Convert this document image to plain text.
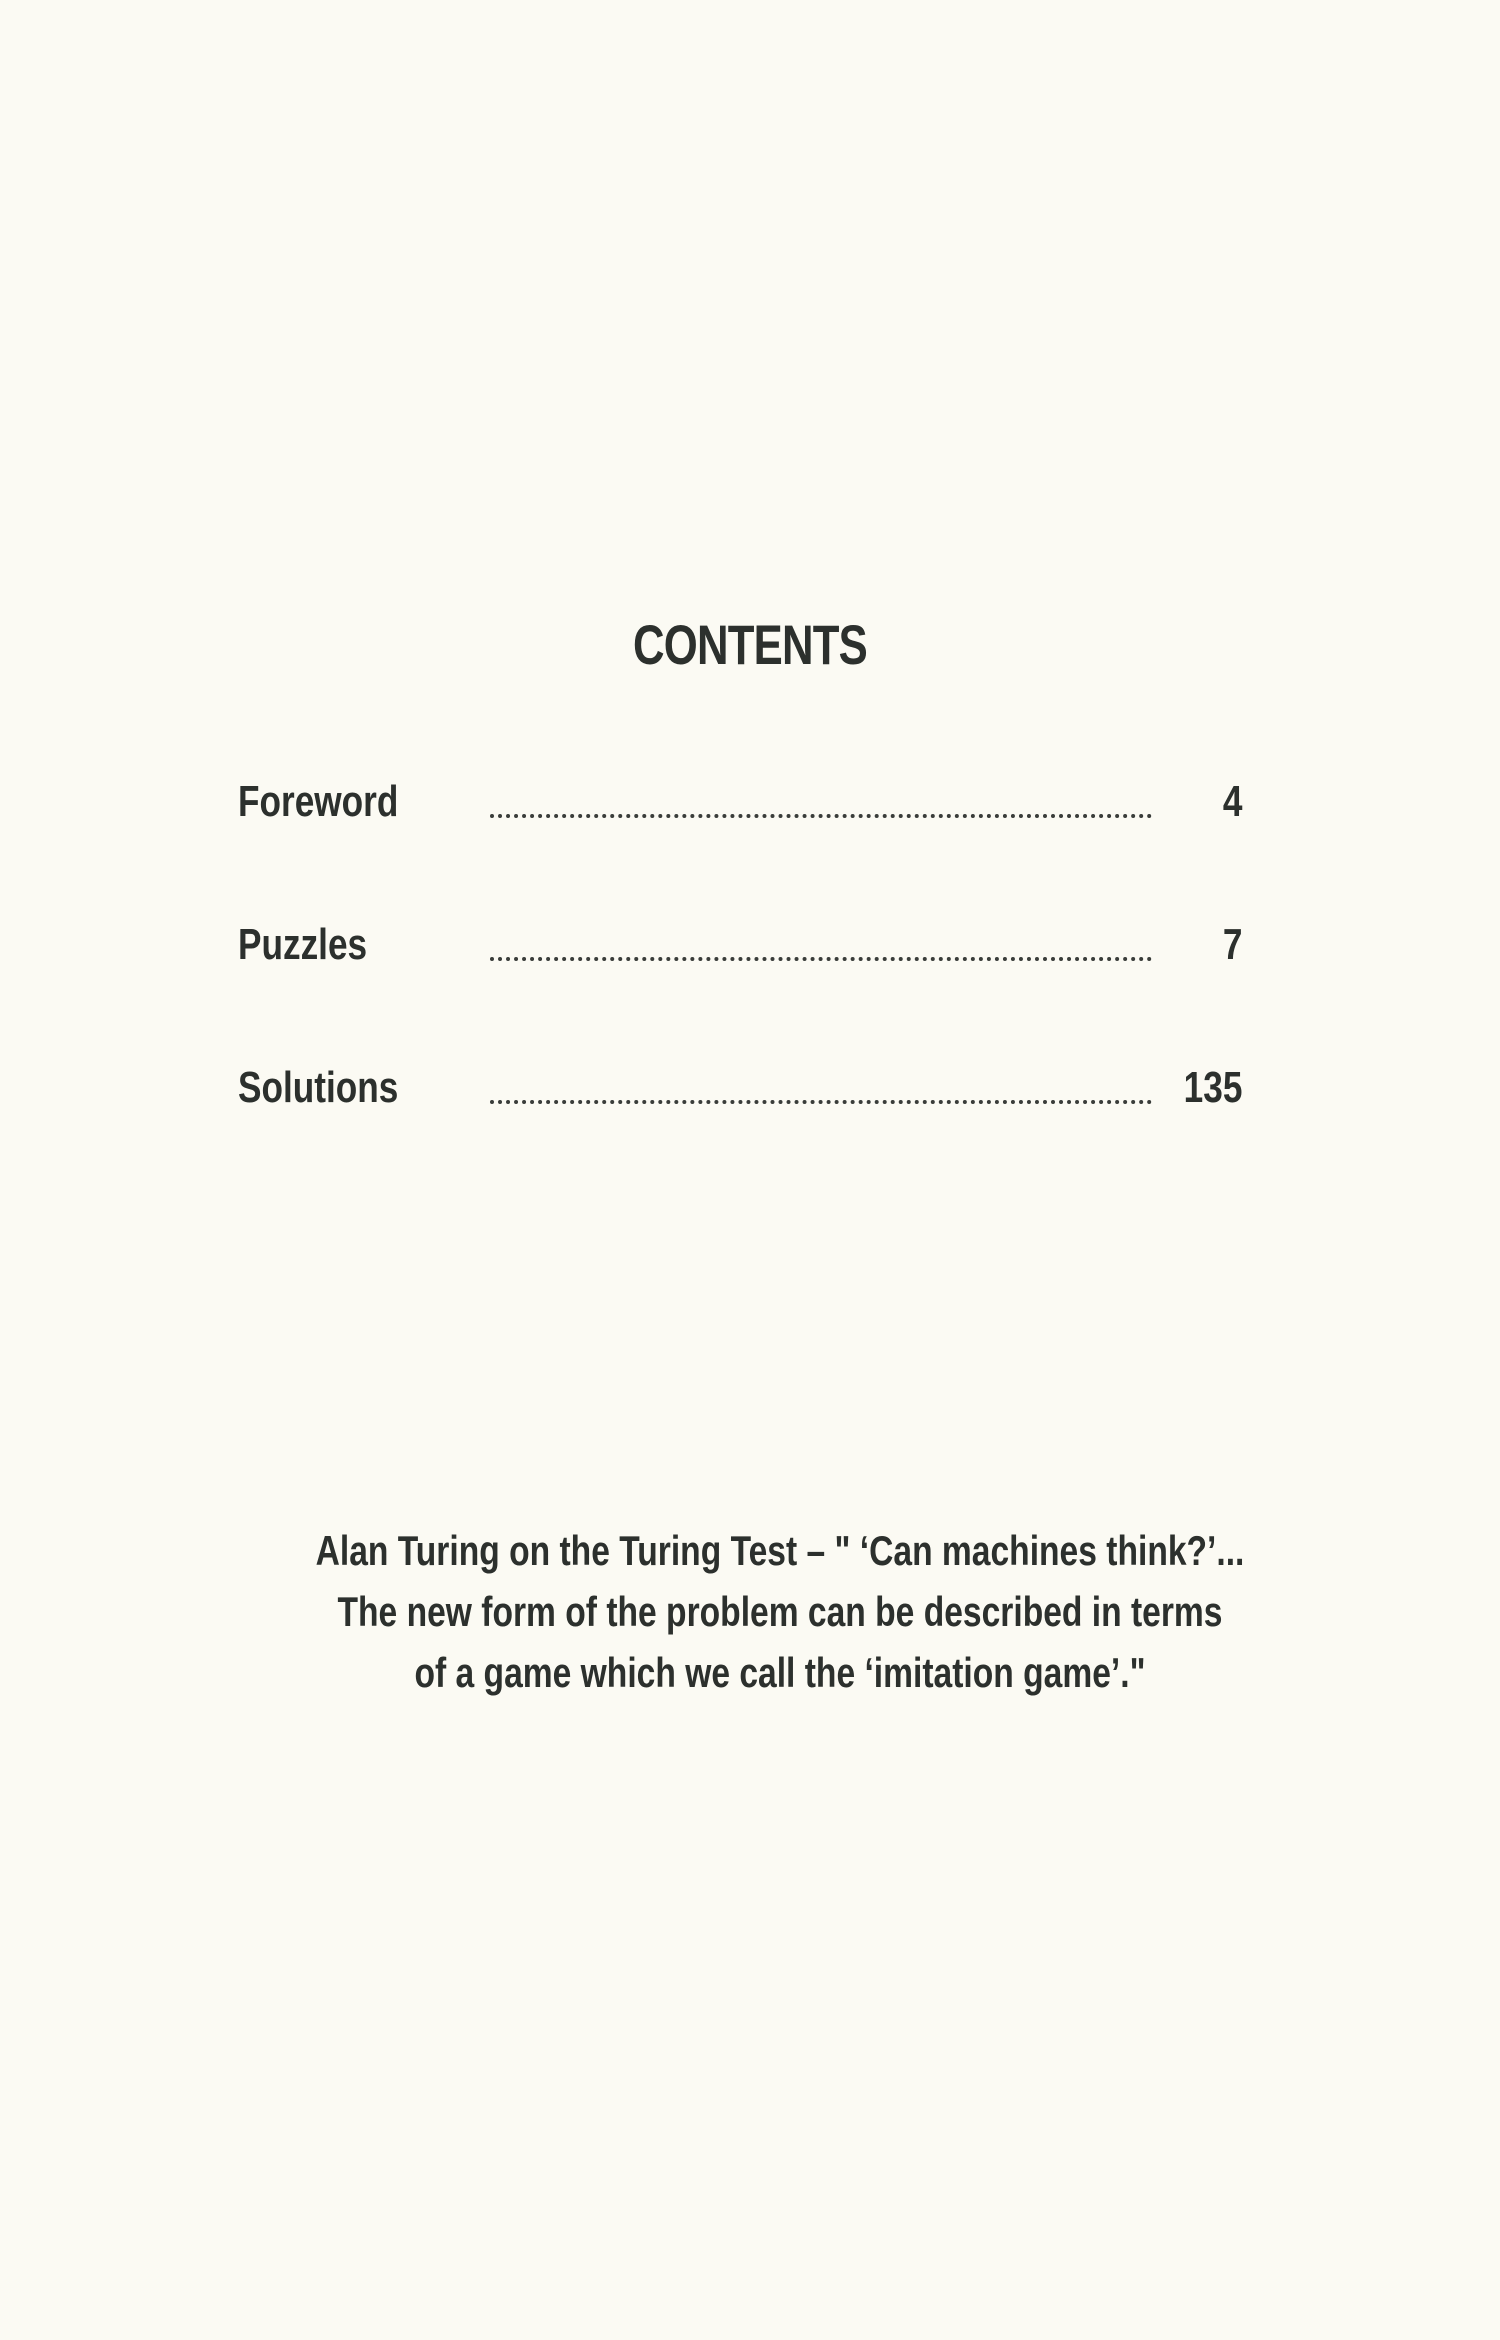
CONTENTS
Foreword	4
Puzzles	7
Solutions	135
Alan Turing on the Turing Test – " ‘Can machines think?’...
The new form of the problem can be described in terms
of a game which we call the ‘imitation game’."
